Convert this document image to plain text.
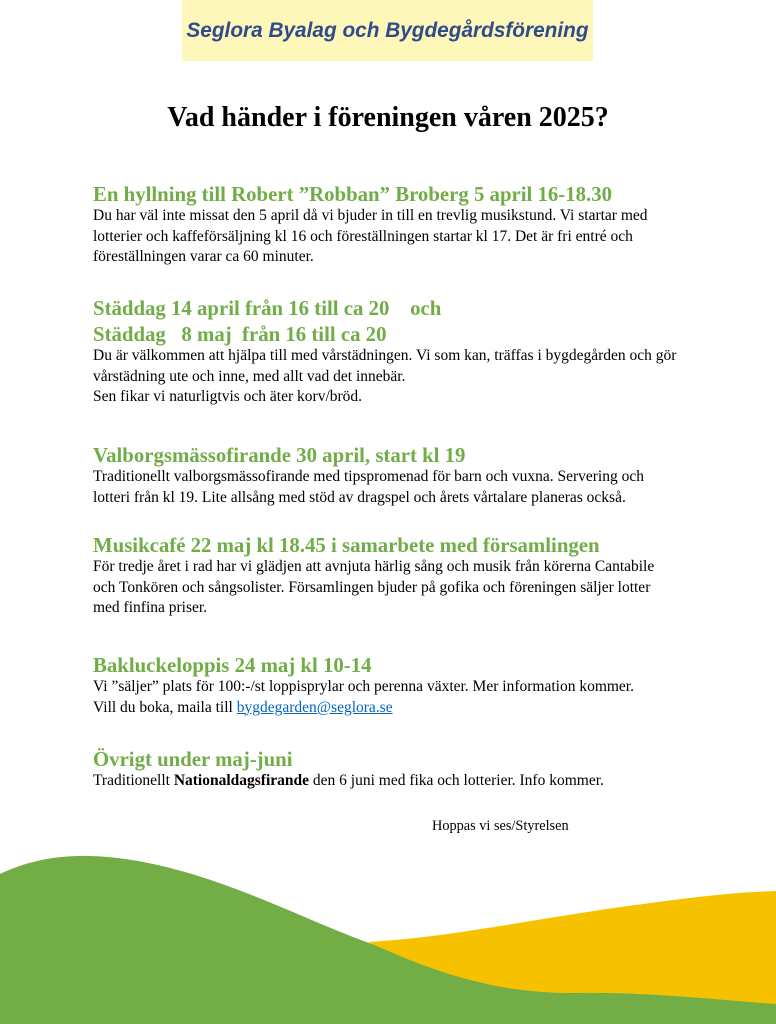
Seglora Byalag och Bygdegårdsförening
Vad händer i föreningen våren 2025?
En hyllning till Robert ”Robban” Broberg 5 april 16-18.30
Du har väl inte missat den 5 april då vi bjuder in till en trevlig musikstund. Vi startar med
lotterier och kaffeförsäljning kl 16 och föreställningen startar kl 17. Det är fri entré och
föreställningen varar ca 60 minuter.
Städdag 14 april från 16 till ca 20    och
Städdag   8 maj  från 16 till ca 20
Du är välkommen att hjälpa till med vårstädningen. Vi som kan, träffas i bygdegården och gör
vårstädning ute och inne, med allt vad det innebär.
Sen fikar vi naturligtvis och äter korv/bröd.
Valborgsmässofirande 30 april, start kl 19
Traditionellt valborgsmässofirande med tipspromenad för barn och vuxna. Servering och
lotteri från kl 19. Lite allsång med stöd av dragspel och årets vårtalare planeras också.
Musikcafé 22 maj kl 18.45 i samarbete med församlingen
För tredje året i rad har vi glädjen att avnjuta härlig sång och musik från körerna Cantabile
och Tonkören och sångsolister. Församlingen bjuder på gofika och föreningen säljer lotter
med finfina priser.
Bakluckeloppis 24 maj kl 10-14
Vi ”säljer” plats för 100:-/st loppisprylar och perenna växter. Mer information kommer.
Vill du boka, maila till bygdegarden@seglora.se
Övrigt under maj-juni
Traditionellt Nationaldagsfirande den 6 juni med fika och lotterier. Info kommer.
Hoppas vi ses/Styrelsen
